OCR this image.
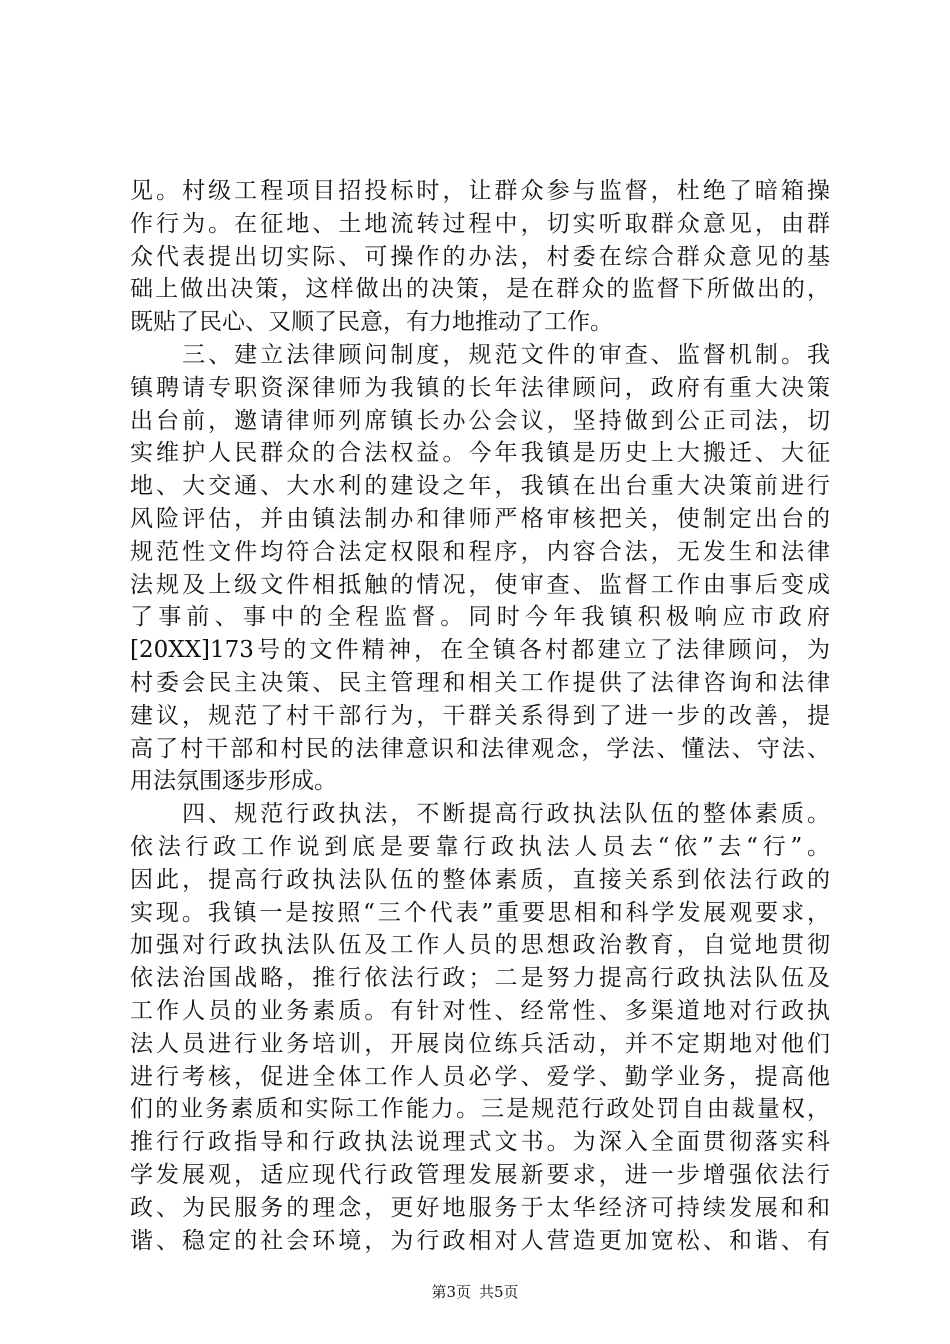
见。村级工程项目招投标时，让群众参与监督，杜绝了暗箱操
作行为。在征地、土地流转过程中，切实听取群众意见，由群
众代表提出切实际、可操作的办法，村委在综合群众意见的基
础上做出决策，这样做出的决策，是在群众的监督下所做出的，
既贴了民心、又顺了民意，有力地推动了工作。
　　三、建立法律顾问制度，规范文件的审查、监督机制。我
镇聘请专职资深律师为我镇的长年法律顾问，政府有重大决策
出台前，邀请律师列席镇长办公会议，坚持做到公正司法，切
实维护人民群众的合法权益。今年我镇是历史上大搬迁、大征
地、大交通、大水利的建设之年，我镇在出台重大决策前进行
风险评估，并由镇法制办和律师严格审核把关，使制定出台的
规范性文件均符合法定权限和程序，内容合法，无发生和法律
法规及上级文件相抵触的情况，使审查、监督工作由事后变成
了事前、事中的全程监督。同时今年我镇积极响应市政府
[20XX]173号的文件精神，在全镇各村都建立了法律顾问，为
村委会民主决策、民主管理和相关工作提供了法律咨询和法律
建议，规范了村干部行为，干群关系得到了进一步的改善，提
高了村干部和村民的法律意识和法律观念，学法、懂法、守法、
用法氛围逐步形成。
　　四、规范行政执法，不断提高行政执法队伍的整体素质。
依法行政工作说到底是要靠行政执法人员去“依”去“行”。
因此，提高行政执法队伍的整体素质，直接关系到依法行政的
实现。我镇一是按照“三个代表”重要思相和科学发展观要求，
加强对行政执法队伍及工作人员的思想政治教育，自觉地贯彻
依法治国战略，推行依法行政；二是努力提高行政执法队伍及
工作人员的业务素质。有针对性、经常性、多渠道地对行政执
法人员进行业务培训，开展岗位练兵活动，并不定期地对他们
进行考核，促进全体工作人员必学、爱学、勤学业务，提高他
们的业务素质和实际工作能力。三是规范行政处罚自由裁量权，
推行行政指导和行政执法说理式文书。为深入全面贯彻落实科
学发展观，适应现代行政管理发展新要求，进一步增强依法行
政、为民服务的理念，更好地服务于太华经济可持续发展和和
谐、稳定的社会环境，为行政相对人营造更加宽松、和谐、有
第3页 共5页
